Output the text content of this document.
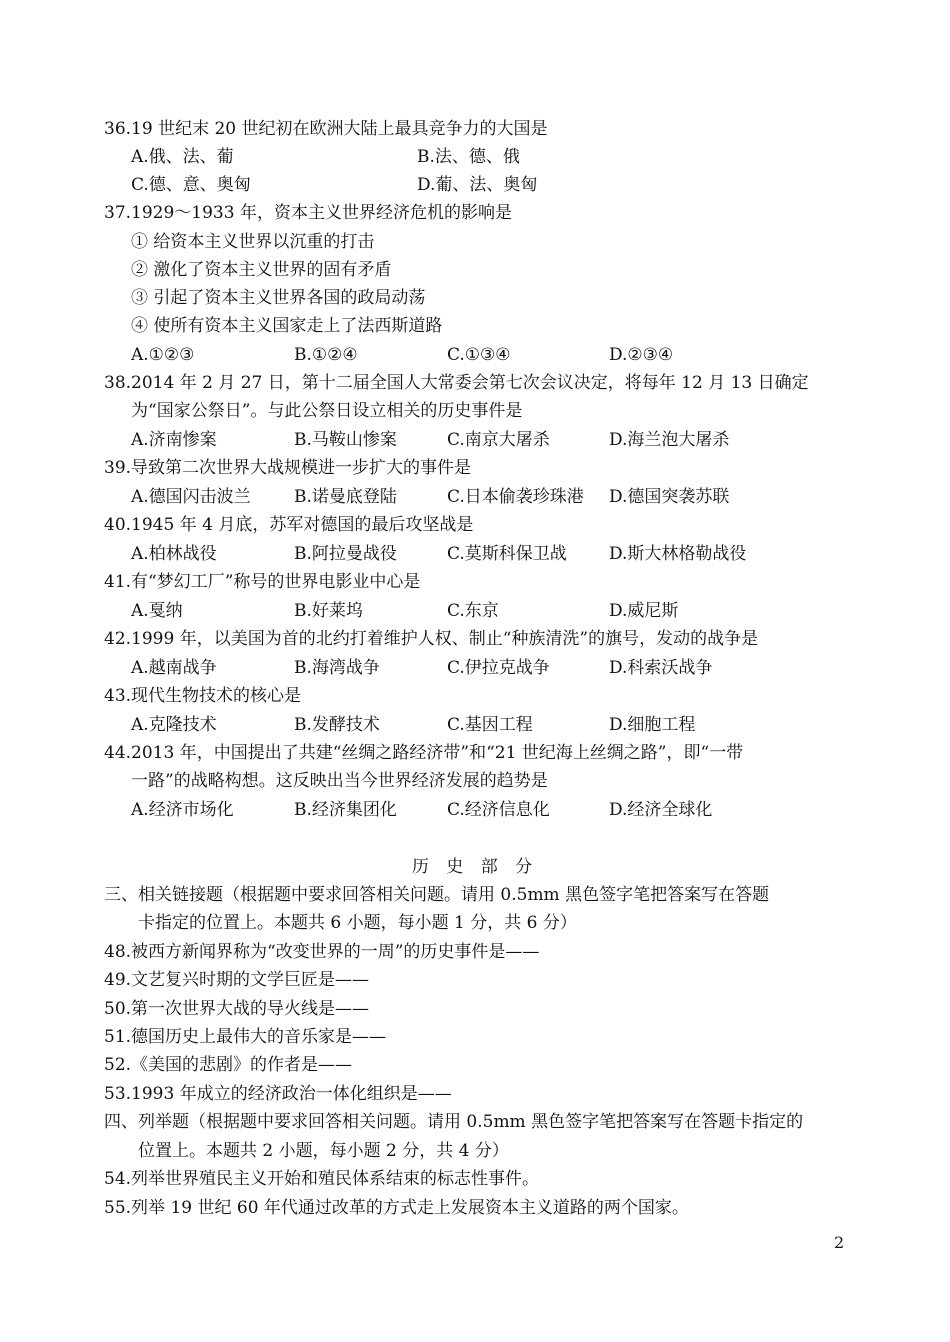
36.19 世纪末 20 世纪初在欧洲大陆上最具竞争力的大国是
A.俄、法、葡	B.法、德、俄
C.德、意、奥匈	D.葡、法、奥匈
37.1929～1933 年，资本主义世界经济危机的影响是
① 给资本主义世界以沉重的打击
② 激化了资本主义世界的固有矛盾
③ 引起了资本主义世界各国的政局动荡
④ 使所有资本主义国家走上了法西斯道路
A.①②③	B.①②④	C.①③④	D.②③④
38.2014 年 2 月 27 日，第十二届全国人大常委会第七次会议决定，将每年 12 月 13 日确定
为“国家公祭日”。与此公祭日设立相关的历史事件是
A.济南惨案	B.马鞍山惨案	C.南京大屠杀	D.海兰泡大屠杀
39.导致第二次世界大战规模进一步扩大的事件是
A.德国闪击波兰	B.诺曼底登陆	C.日本偷袭珍珠港 D.德国突袭苏联
40.1945 年 4 月底，苏军对德国的最后攻坚战是
A.柏林战役	B.阿拉曼战役	C.莫斯科保卫战 D.斯大林格勒战役
41.有“梦幻工厂”称号的世界电影业中心是
A.戛纳	B.好莱坞	C.东京	D.威尼斯
42.1999 年，以美国为首的北约打着维护人权、制止“种族清洗”的旗号，发动的战争是
A.越南战争	B.海湾战争	C.伊拉克战争	D.科索沃战争
43.现代生物技术的核心是
A.克隆技术	B.发酵技术	C.基因工程	D.细胞工程
44.2013 年，中国提出了共建“丝绸之路经济带”和“21 世纪海上丝绸之路”，即“一带
一路”的战略构想。这反映出当今世界经济发展的趋势是
A.经济市场化	B.经济集团化	C.经济信息化	D.经济全球化
历 史 部 分
三、相关链接题（根据题中要求回答相关问题。请用 0.5mm 黑色签字笔把答案写在答题
卡指定的位置上。本题共 6 小题，每小题 1 分，共 6 分）
48.被西方新闻界称为“改变世界的一周”的历史事件是——
49.文艺复兴时期的文学巨匠是——
50.第一次世界大战的导火线是——
51.德国历史上最伟大的音乐家是——
52.《美国的悲剧》的作者是——
53.1993 年成立的经济政治一体化组织是——
四、列举题（根据题中要求回答相关问题。请用 0.5mm 黑色签字笔把答案写在答题卡指定的
位置上。本题共 2 小题，每小题 2 分，共 4 分）
54.列举世界殖民主义开始和殖民体系结束的标志性事件。
55.列举 19 世纪 60 年代通过改革的方式走上发展资本主义道路的两个国家。
2
